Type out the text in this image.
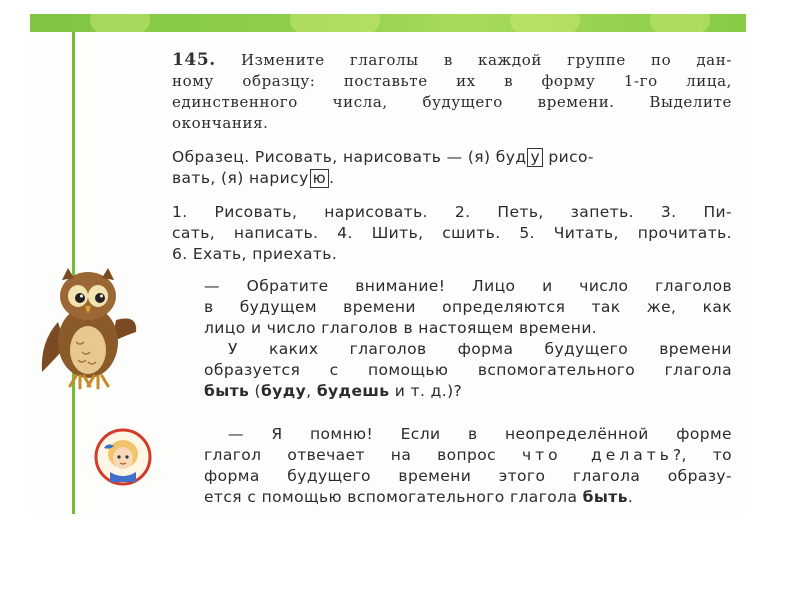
145. Измените глаголы в каждой группе по дан-
ному образцу: поставьте их в форму 1-го лица,
единственного числа, будущего времени. Выделите
окончания.
Образец. Рисовать, нарисовать — (я) буд у рисо-
вать, (я) нарису ю .
1. Рисовать, нарисовать. 2. Петь, запеть. 3. Пи-
сать, написать. 4. Шить, сшить. 5. Читать, прочитать.
6. Ехать, приехать.
— Обратите внимание! Лицо и число глаголов
в будущем времени определяются так же, как
лицо и число глаголов в настоящем времени.
У каких глаголов форма будущего времени
образуется с помощью вспомогательного глагола
быть (буду, будешь и т. д.)?
— Я помню! Если в неопределённой форме
глагол отвечает на вопрос что делать?, то
форма будущего времени этого глагола образу-
ется с помощью вспомогательного глагола быть.
